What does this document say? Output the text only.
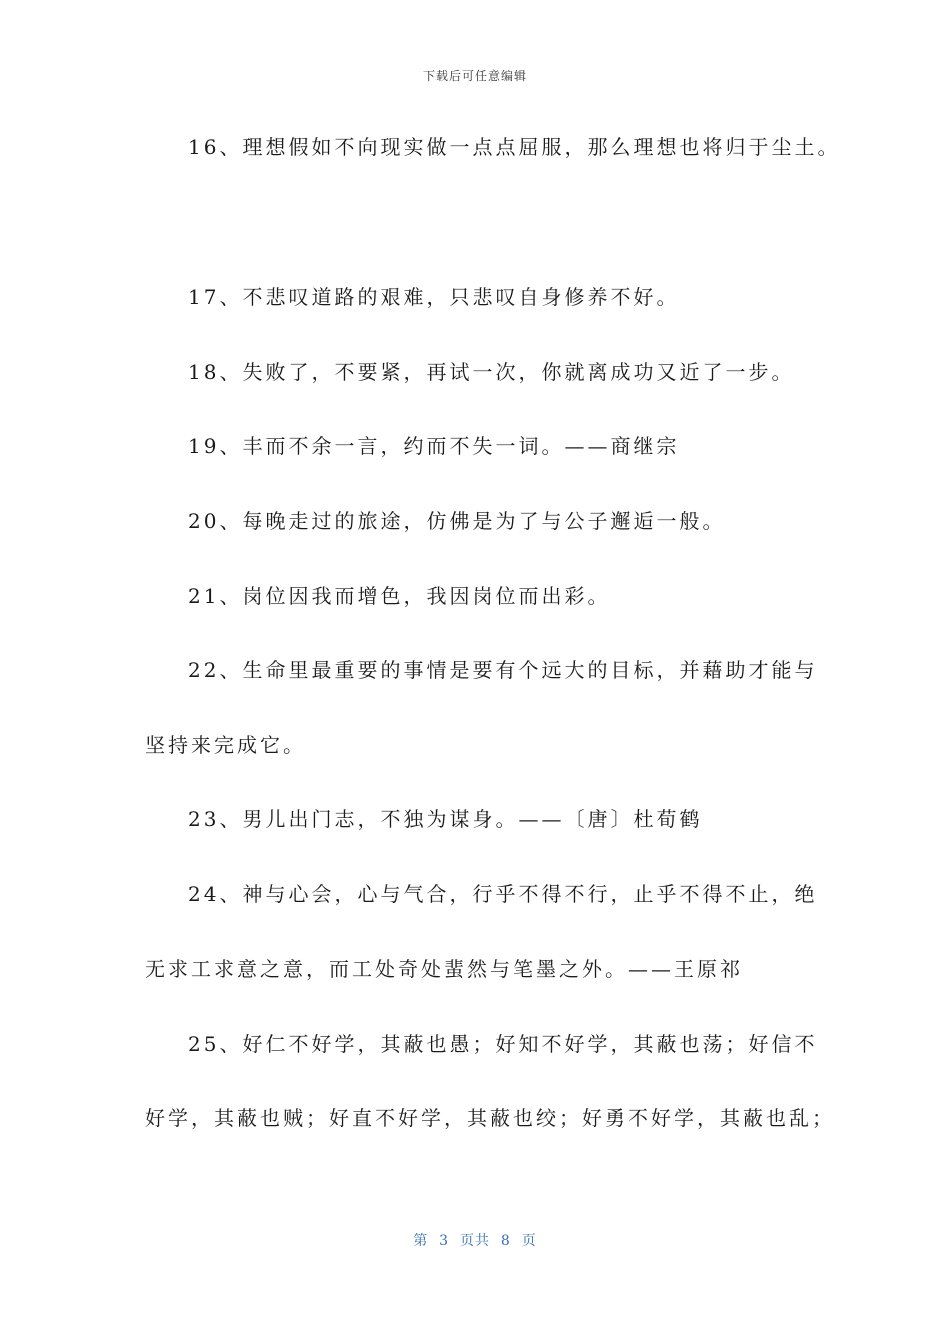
下载后可任意编辑
16、理想假如不向现实做一点点屈服，那么理想也将归于尘土。
17、不悲叹道路的艰难，只悲叹自身修养不好。
18、失败了，不要紧，再试一次，你就离成功又近了一步。
19、丰而不余一言，约而不失一词。——商继宗
20、每晚走过的旅途，仿佛是为了与公子邂逅一般。
21、岗位因我而增色，我因岗位而出彩。
22、生命里最重要的事情是要有个远大的目标，并藉助才能与
坚持来完成它。
23、男儿出门志，不独为谋身。——〔唐〕杜荀鹤
24、神与心会，心与气合，行乎不得不行，止乎不得不止，绝
无求工求意之意，而工处奇处蜚然与笔墨之外。——王原祁
25、好仁不好学，其蔽也愚；好知不好学，其蔽也荡；好信不
好学，其蔽也贼；好直不好学，其蔽也绞；好勇不好学，其蔽也乱；
第  3  页共  8  页
